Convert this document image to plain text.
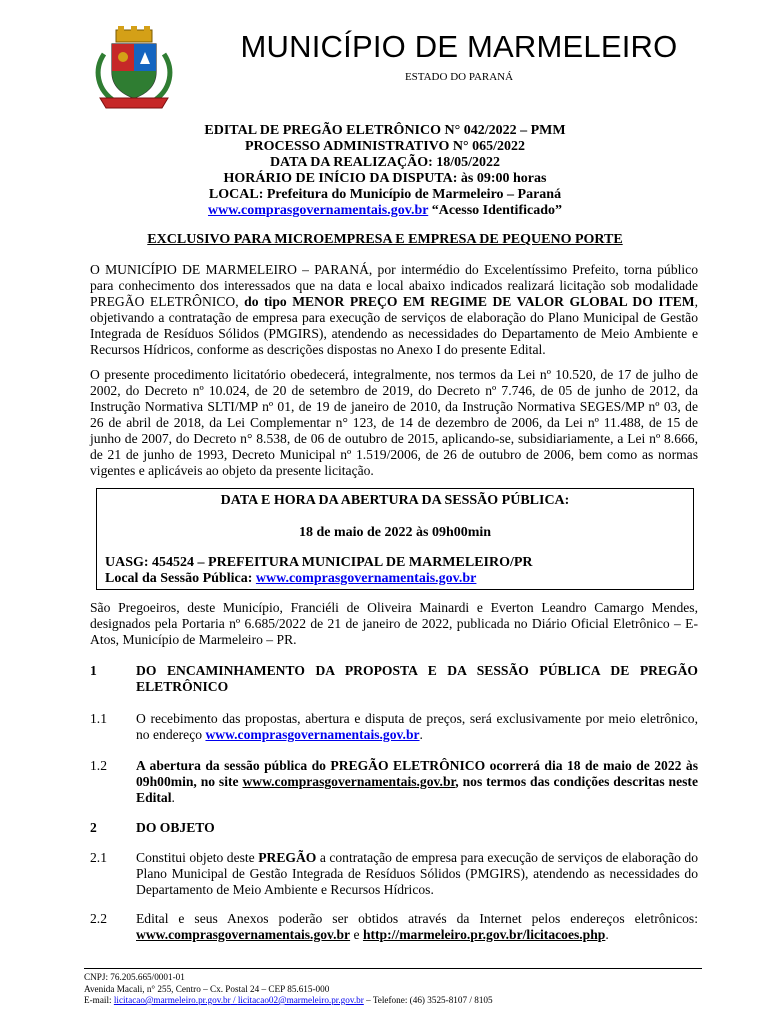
MUNICÍPIO DE MARMELEIRO
ESTADO DO PARANÁ
EDITAL DE PREGÃO ELETRÔNICO N° 042/2022 – PMM
PROCESSO ADMINISTRATIVO N° 065/2022
DATA DA REALIZAÇÃO: 18/05/2022
HORÁRIO DE INÍCIO DA DISPUTA: às 09:00 horas
LOCAL: Prefeitura do Município de Marmeleiro – Paraná
www.comprasgovernamentais.gov.br “Acesso Identificado”
EXCLUSIVO PARA MICROEMPRESA E EMPRESA DE PEQUENO PORTE
O MUNICÍPIO DE MARMELEIRO – PARANÁ, por intermédio do Excelentíssimo Prefeito, torna público para conhecimento dos interessados que na data e local abaixo indicados realizará licitação sob modalidade PREGÃO ELETRÔNICO, do tipo MENOR PREÇO EM REGIME DE VALOR GLOBAL DO ITEM, objetivando a contratação de empresa para execução de serviços de elaboração do Plano Municipal de Gestão Integrada de Resíduos Sólidos (PMGIRS), atendendo as necessidades do Departamento de Meio Ambiente e Recursos Hídricos, conforme as descrições dispostas no Anexo I do presente Edital.
O presente procedimento licitatório obedecerá, integralmente, nos termos da Lei nº 10.520, de 17 de julho de 2002, do Decreto nº 10.024, de 20 de setembro de 2019, do Decreto nº 7.746, de 05 de junho de 2012, da Instrução Normativa SLTI/MP nº 01, de 19 de janeiro de 2010, da Instrução Normativa SEGES/MP nº 03, de 26 de abril de 2018, da Lei Complementar n° 123, de 14 de dezembro de 2006, da Lei nº 11.488, de 15 de junho de 2007, do Decreto n° 8.538, de 06 de outubro de 2015, aplicando-se, subsidiariamente, a Lei nº 8.666, de 21 de junho de 1993, Decreto Municipal nº 1.519/2006, de 26 de outubro de 2006, bem como as normas vigentes e aplicáveis ao objeto da presente licitação.
DATA E HORA DA ABERTURA DA SESSÃO PÚBLICA:
18 de maio de 2022 às 09h00min
UASG: 454524 – PREFEITURA MUNICIPAL DE MARMELEIRO/PR
Local da Sessão Pública: www.comprasgovernamentais.gov.br
São Pregoeiros, deste Município, Franciéli de Oliveira Mainardi e Everton Leandro Camargo Mendes, designados pela Portaria nº 6.685/2022 de 21 de janeiro de 2022, publicada no Diário Oficial Eletrônico – E-Atos, Município de Marmeleiro – PR.
1	DO ENCAMINHAMENTO DA PROPOSTA E DA SESSÃO PÚBLICA DE PREGÃO ELETRÔNICO
1.1	O recebimento das propostas, abertura e disputa de preços, será exclusivamente por meio eletrônico, no endereço www.comprasgovernamentais.gov.br.
1.2	A abertura da sessão pública do PREGÃO ELETRÔNICO ocorrerá dia 18 de maio de 2022 às 09h00min, no site www.comprasgovernamentais.gov.br, nos termos das condições descritas neste Edital.
2	DO OBJETO
2.1	Constitui objeto deste PREGÃO a contratação de empresa para execução de serviços de elaboração do Plano Municipal de Gestão Integrada de Resíduos Sólidos (PMGIRS), atendendo as necessidades do Departamento de Meio Ambiente e Recursos Hídricos.
2.2	Edital e seus Anexos poderão ser obtidos através da Internet pelos endereços eletrônicos: www.comprasgovernamentais.gov.br e http://marmeleiro.pr.gov.br/licitacoes.php.
CNPJ: 76.205.665/0001-01
Avenida Macali, n° 255, Centro – Cx. Postal 24 – CEP 85.615-000
E-mail: licitacao@marmeleiro.pr.gov.br / licitacao02@marmeleiro.pr.gov.br – Telefone: (46) 3525-8107 / 8105
